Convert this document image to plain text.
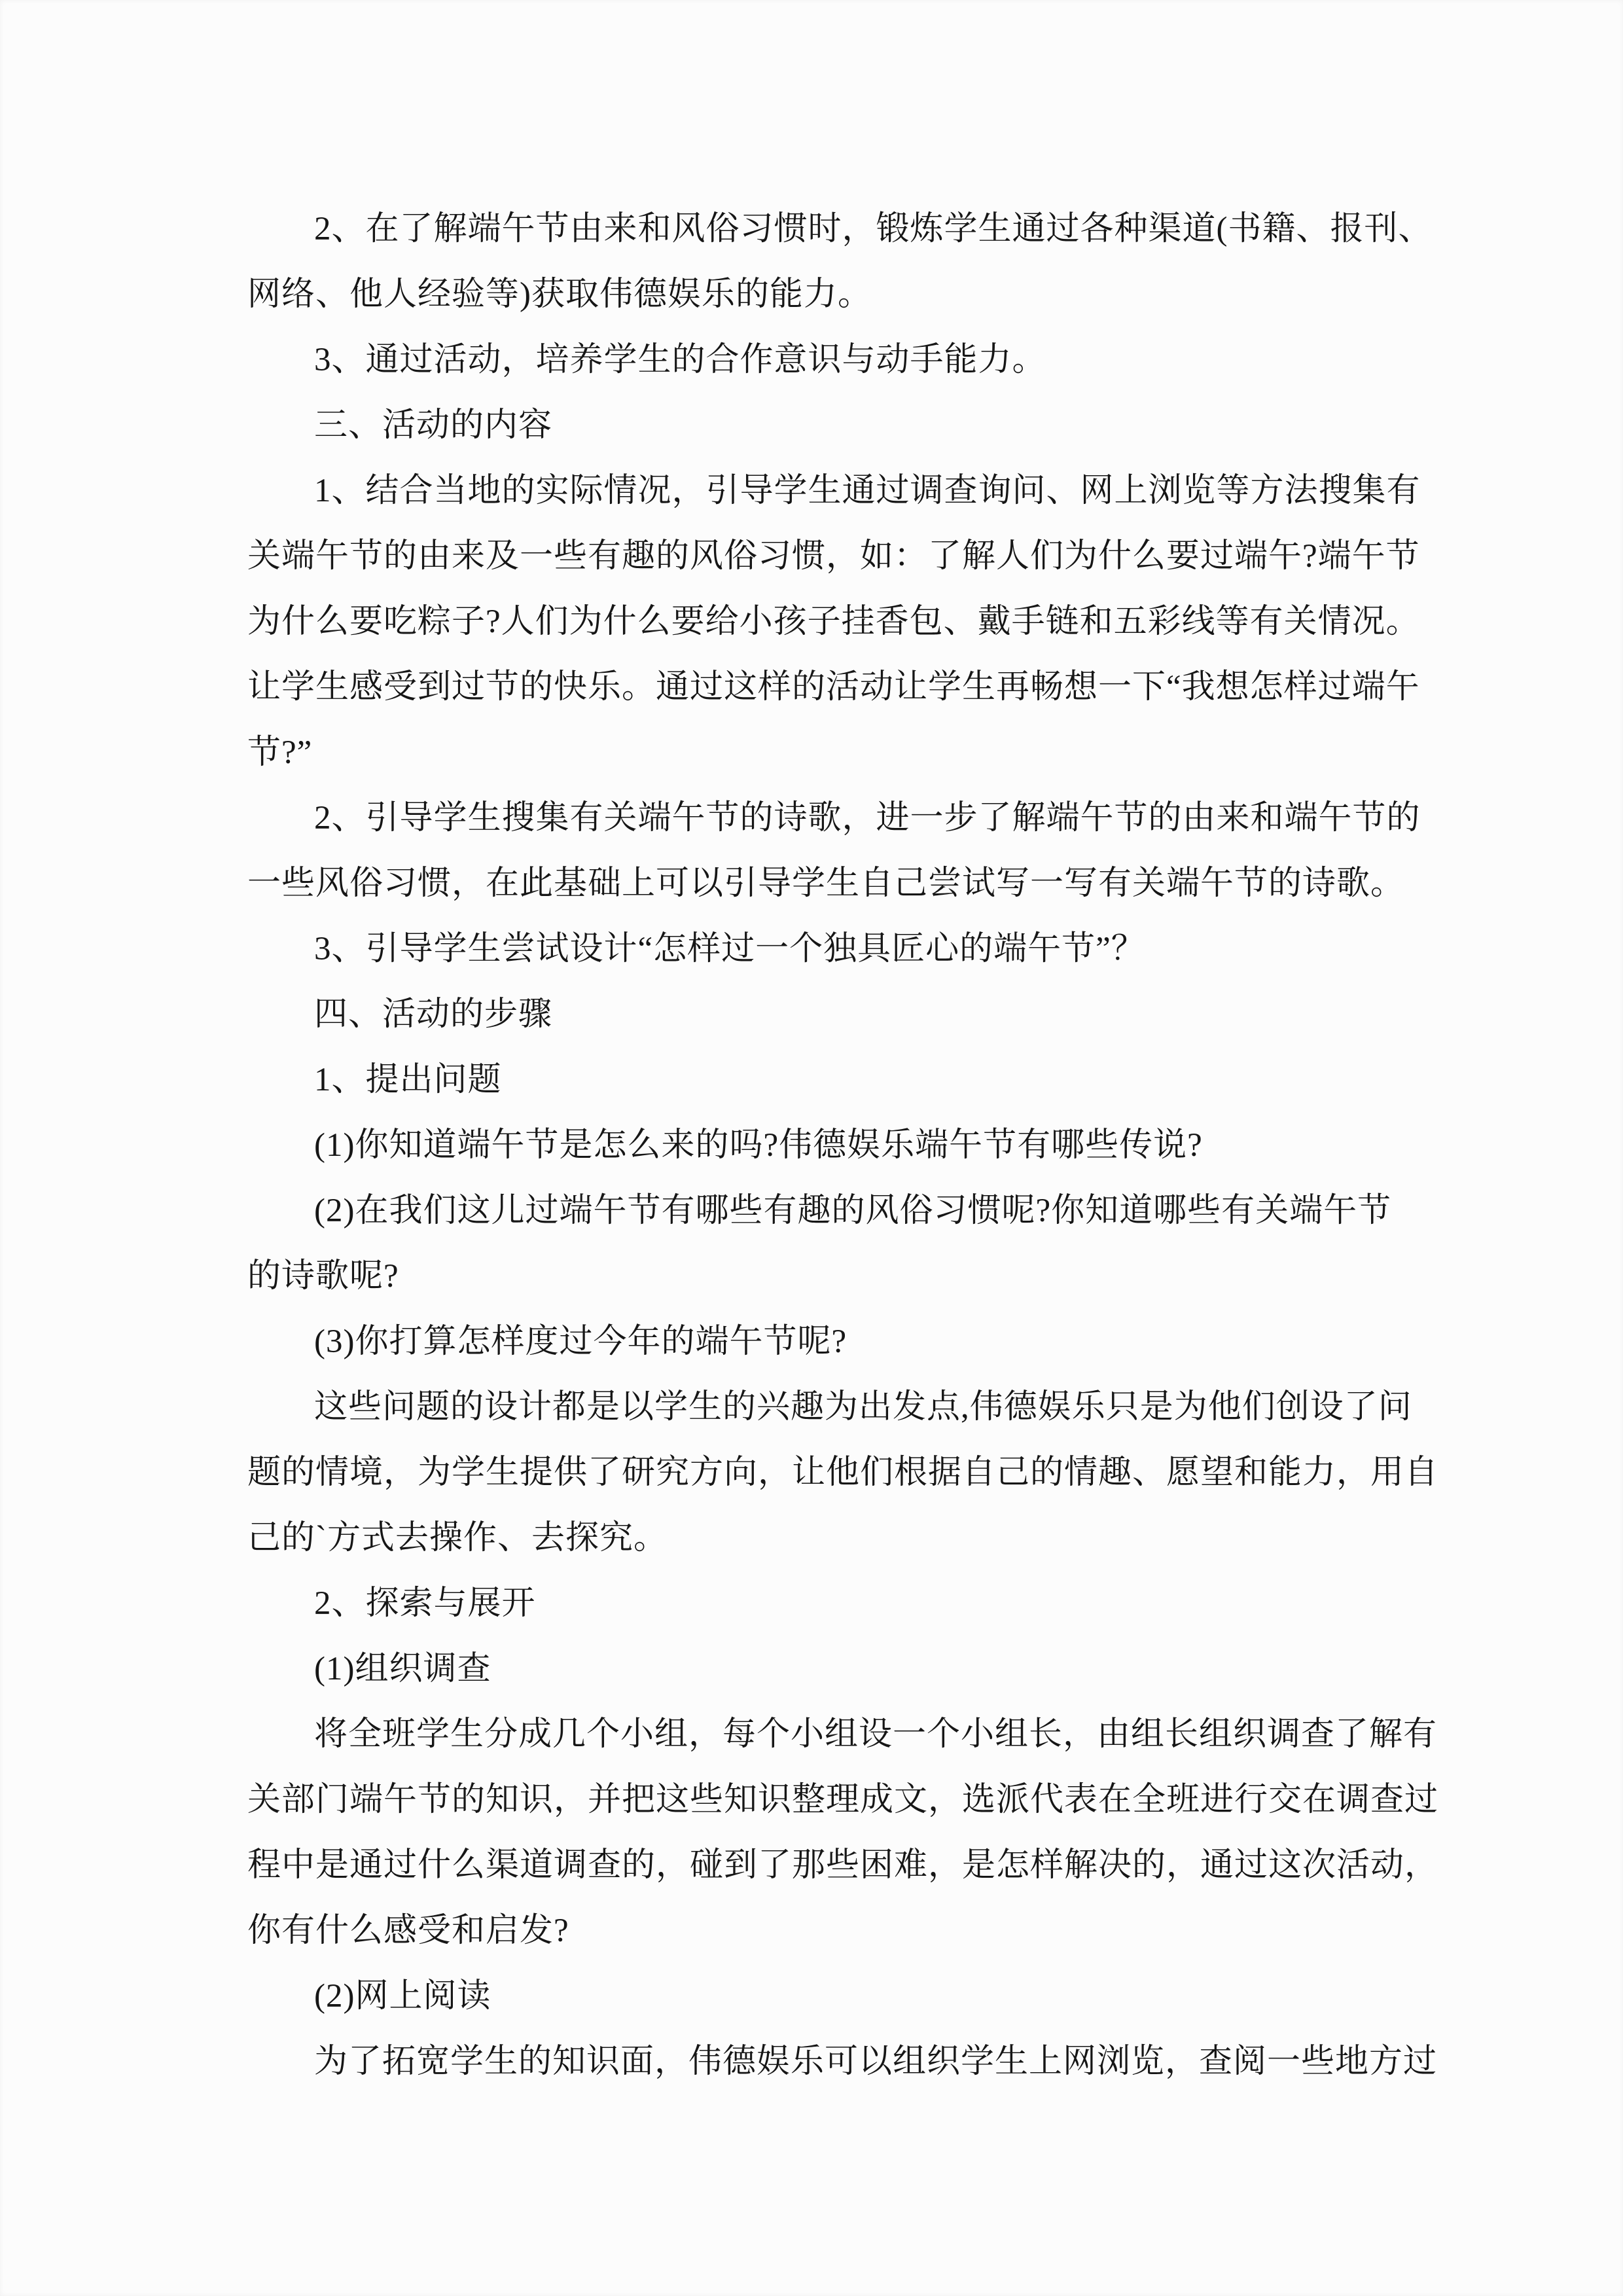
2、在了解端午节由来和风俗习惯时，锻炼学生通过各种渠道(书籍、报刊、
网络、他人经验等)获取伟德娱乐的能力。
3、通过活动，培养学生的合作意识与动手能力。
三、活动的内容
1、结合当地的实际情况，引导学生通过调查询问、网上浏览等方法搜集有
关端午节的由来及一些有趣的风俗习惯，如：了解人们为什么要过端午?端午节
为什么要吃粽子?人们为什么要给小孩子挂香包、戴手链和五彩线等有关情况。
让学生感受到过节的快乐。通过这样的活动让学生再畅想一下“我想怎样过端午
节?”
2、引导学生搜集有关端午节的诗歌，进一步了解端午节的由来和端午节的
一些风俗习惯，在此基础上可以引导学生自己尝试写一写有关端午节的诗歌。
3、引导学生尝试设计“怎样过一个独具匠心的端午节”？
四、活动的步骤
1、提出问题
(1)你知道端午节是怎么来的吗?伟德娱乐端午节有哪些传说?
(2)在我们这儿过端午节有哪些有趣的风俗习惯呢?你知道哪些有关端午节
的诗歌呢?
(3)你打算怎样度过今年的端午节呢?
这些问题的设计都是以学生的兴趣为出发点,伟德娱乐只是为他们创设了问
题的情境，为学生提供了研究方向，让他们根据自己的情趣、愿望和能力，用自
己的`方式去操作、去探究。
2、探索与展开
(1)组织调查
将全班学生分成几个小组，每个小组设一个小组长，由组长组织调查了解有
关部门端午节的知识，并把这些知识整理成文，选派代表在全班进行交在调查过
程中是通过什么渠道调查的，碰到了那些困难，是怎样解决的，通过这次活动，
你有什么感受和启发?
(2)网上阅读
为了拓宽学生的知识面，伟德娱乐可以组织学生上网浏览，查阅一些地方过
